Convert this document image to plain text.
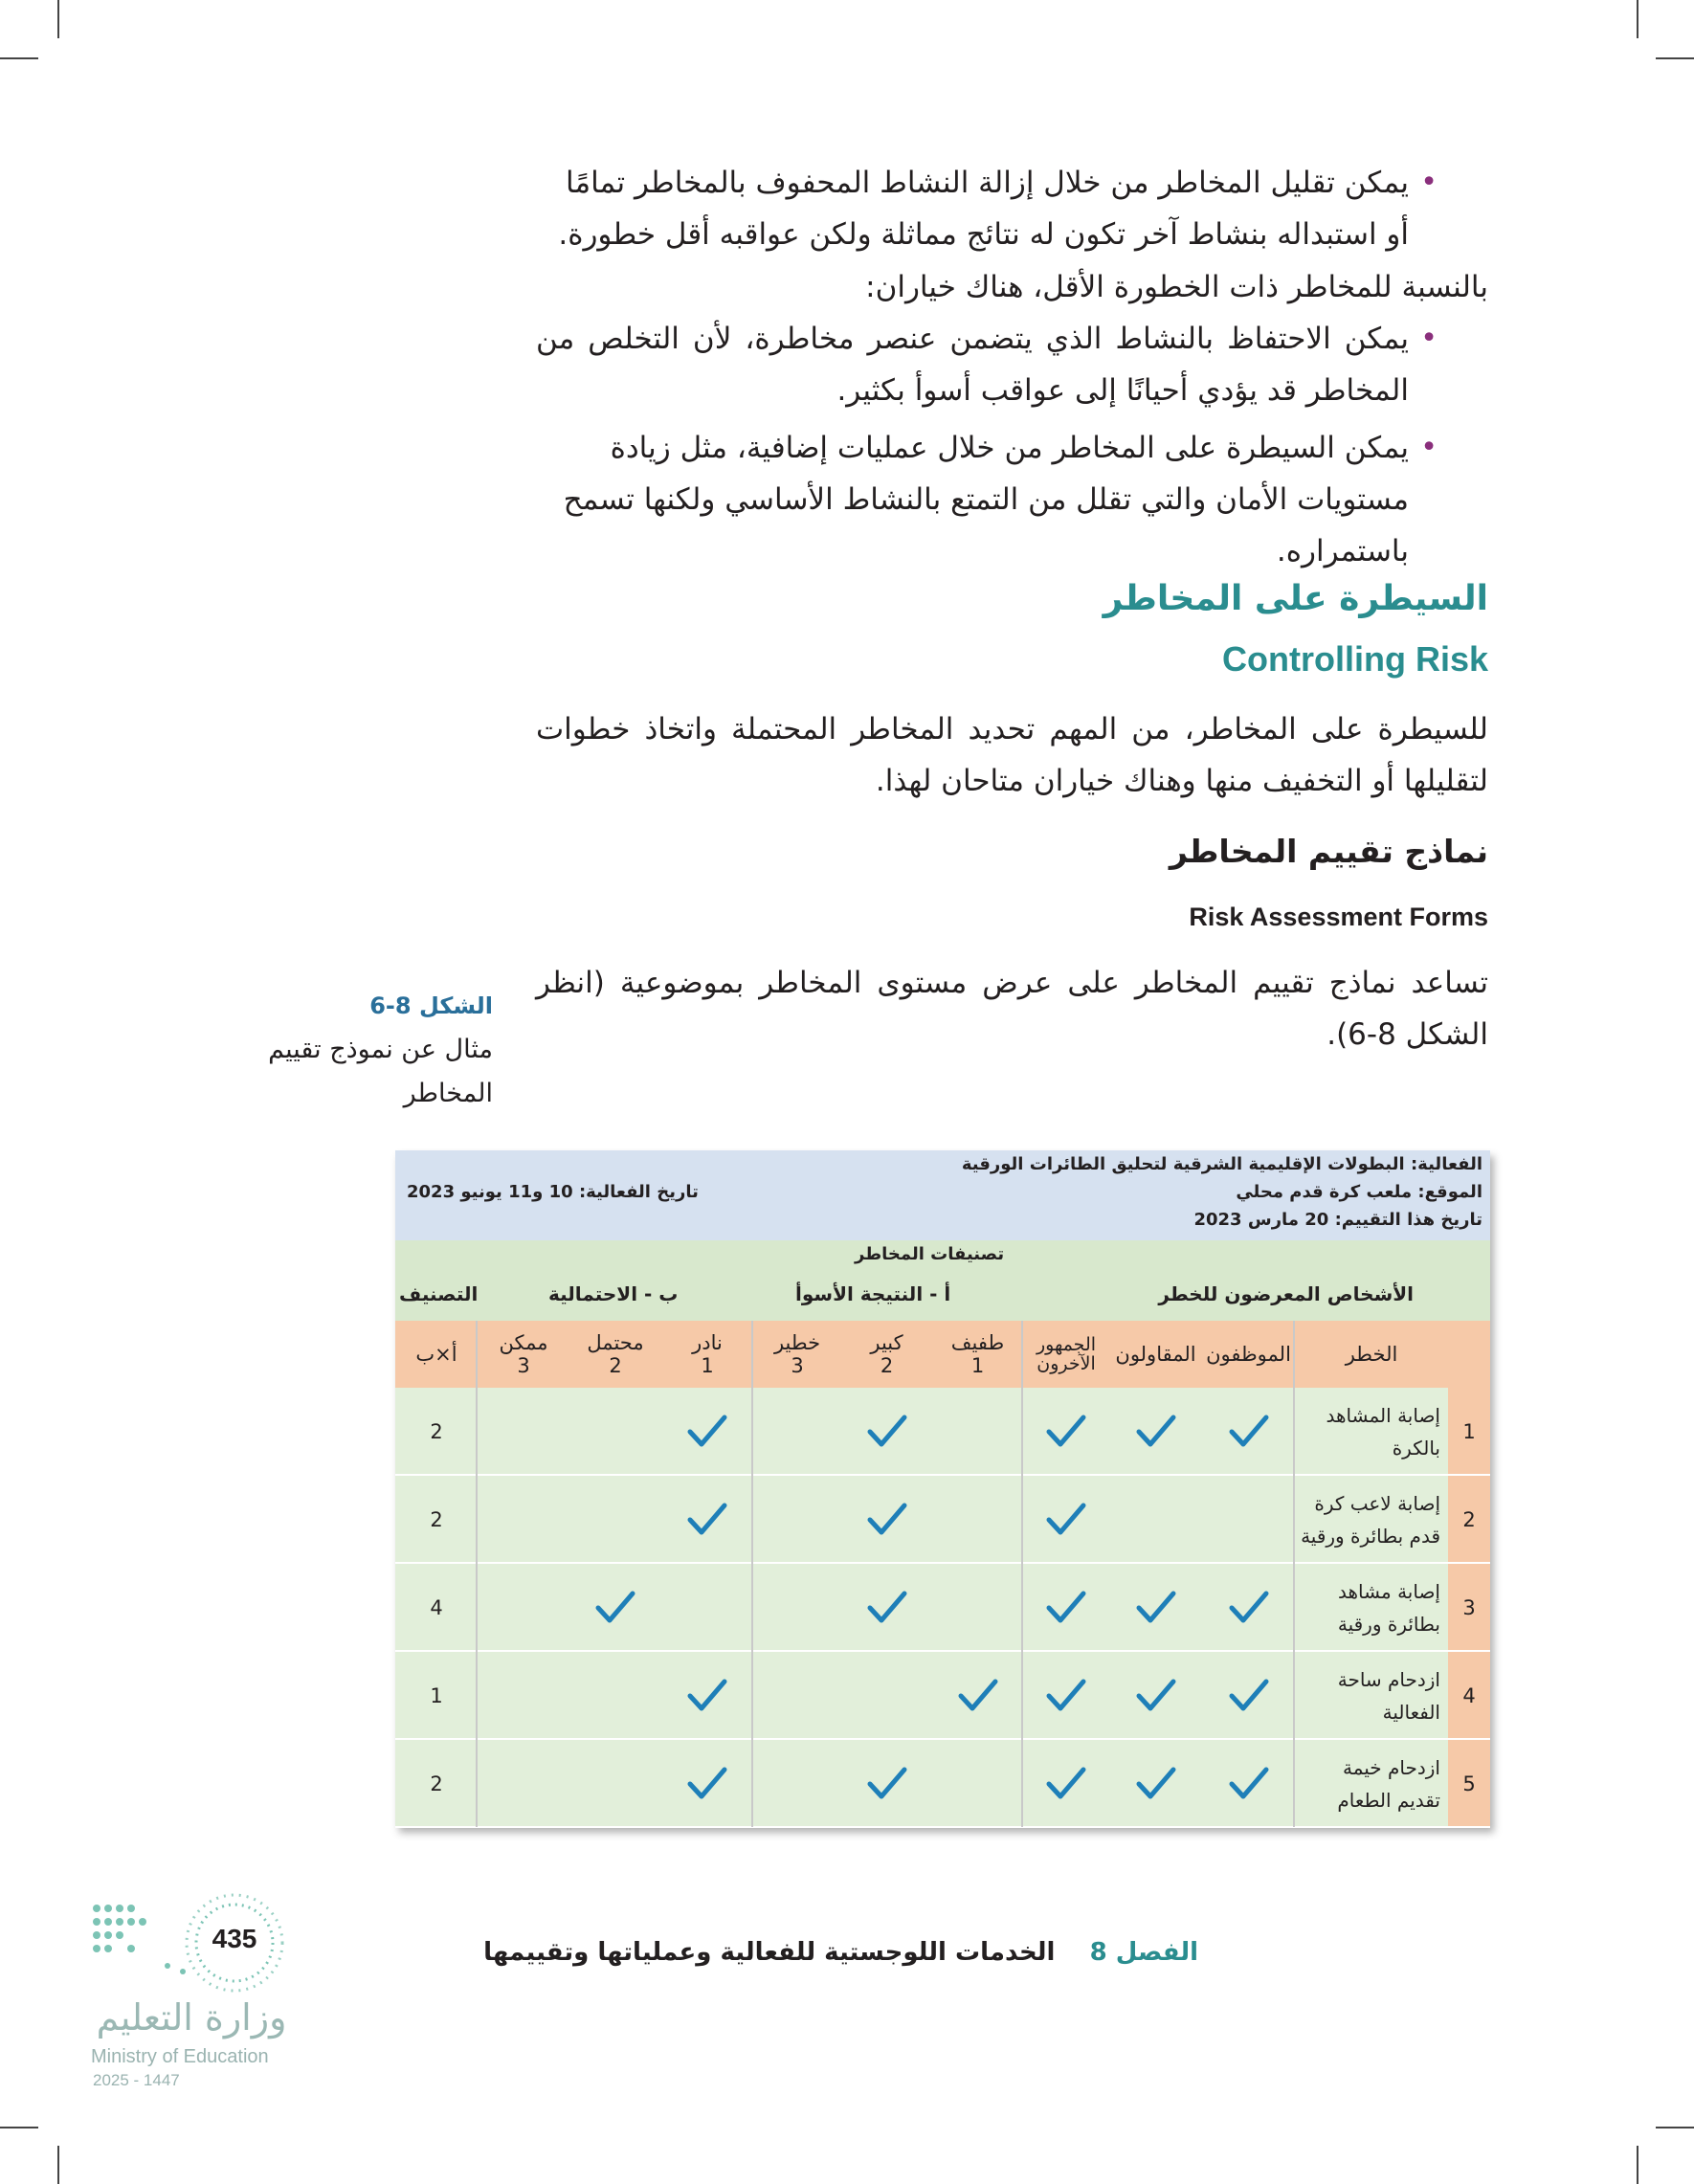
•
يمكن تقليل المخاطر من خلال إزالة النشاط المحفوف بالمخاطر تمامًا أو استبداله بنشاط آخر تكون له نتائج مماثلة ولكن عواقبه أقل خطورة.
بالنسبة للمخاطر ذات الخطورة الأقل، هناك خياران:
•
يمكن الاحتفاظ بالنشاط الذي يتضمن عنصر مخاطرة، لأن التخلص من المخاطر قد يؤدي أحيانًا إلى عواقب أسوأ بكثير.
•
يمكن السيطرة على المخاطر من خلال عمليات إضافية، مثل زيادة مستويات الأمان والتي تقلل من التمتع بالنشاط الأساسي ولكنها تسمح باستمراره.
السيطرة على المخاطر
Controlling Risk
للسيطرة على المخاطر، من المهم تحديد المخاطر المحتملة واتخاذ خطوات لتقليلها أو التخفيف منها وهناك خياران متاحان لهذا.
نماذج تقييم المخاطر
Risk Assessment Forms
تساعد نماذج تقييم المخاطر على عرض مستوى المخاطر بموضوعية (انظر الشكل 8-6).
الشكل 8-6
مثال عن نموذج تقييم المخاطر
الفعالية: البطولات الإقليمية الشرقية لتحليق الطائرات الورقية
الموقع: ملعب كرة قدم محلي
تاريخ هذا التقييم: 20 مارس 2023
تاريخ الفعالية: 10 و11 يونيو 2023
تصنيفات المخاطر
الأشخاص المعرضون للخطر
أ - النتيجة الأسوأ
ب - الاحتمالية
التصنيف
الخطر
الموظفون
المقاولون
الجمهور الآخرون
طفيف
1
كبير
2
خطير
3
نادر
1
محتمل
2
ممكن
3
أ×ب
1
إصابة المشاهد بالكرة
2
2
إصابة لاعب كرة قدم بطائرة ورقية
2
3
إصابة مشاهد بطائرة ورقية
4
4
ازدحام ساحة الفعالية
1
5
ازدحام خيمة تقديم الطعام
2
الفصل 8    الخدمات اللوجستية للفعالية وعملياتها وتقييمها
435
وزارة التعليم
Ministry of Education
2025 - 1447
